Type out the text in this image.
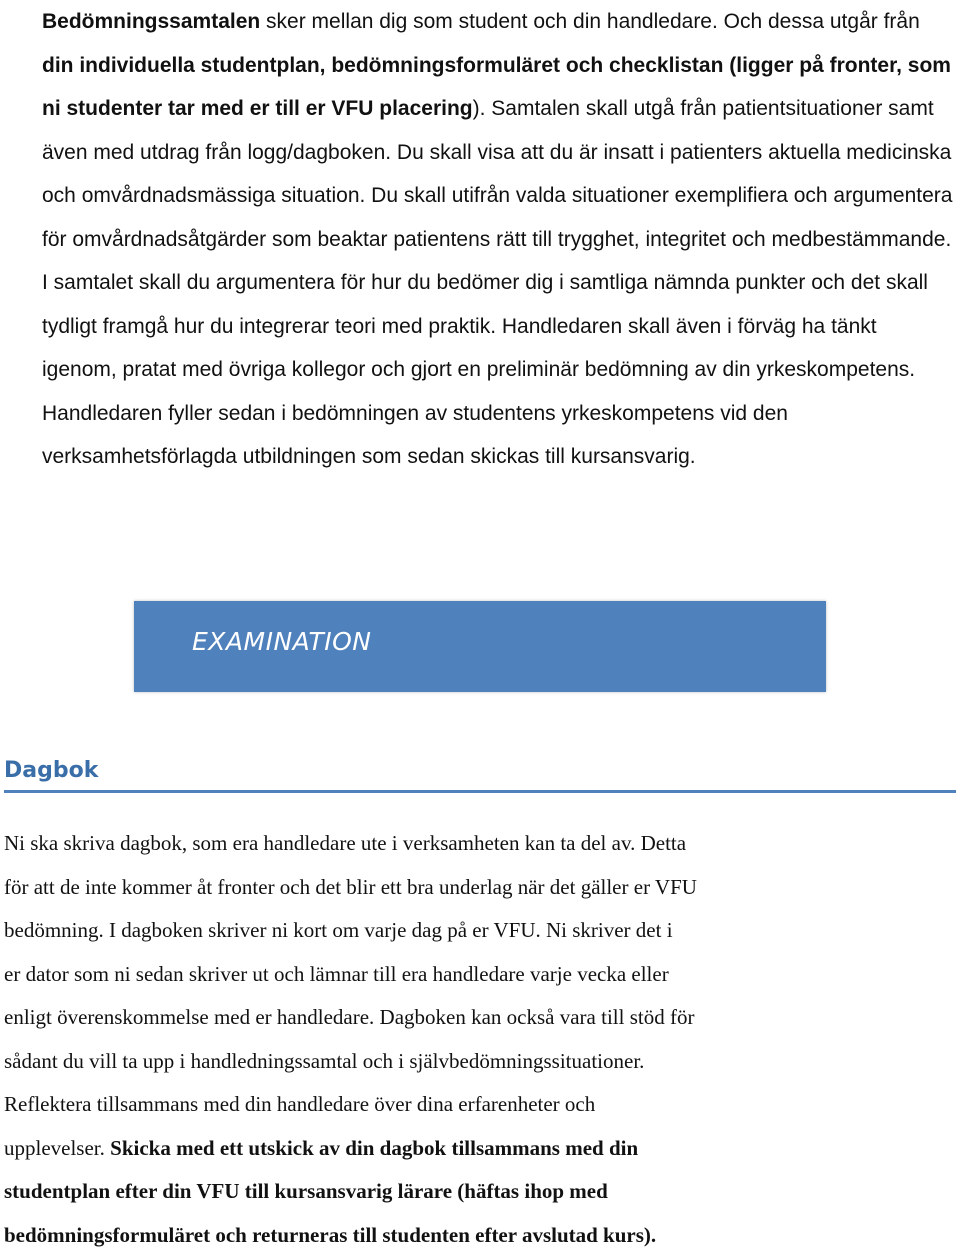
Bedömningssamtalen sker mellan dig som student och din handledare. Och dessa utgår från din individuella studentplan, bedömningsformuläret och checklistan (ligger på fronter, som ni studenter tar med er till er VFU placering). Samtalen skall utgå från patientsituationer samt även med utdrag från logg/dagboken. Du skall visa att du är insatt i patienters aktuella medicinska och omvårdnadsmässiga situation. Du skall utifrån valda situationer exemplifiera och argumentera för omvårdnadsåtgärder som beaktar patientens rätt till trygghet, integritet och medbestämmande. I samtalet skall du argumentera för hur du bedömer dig i samtliga nämnda punkter och det skall tydligt framgå hur du integrerar teori med praktik. Handledaren skall även i förväg ha tänkt igenom, pratat med övriga kollegor och gjort en preliminär bedömning av din yrkeskompetens. Handledaren fyller sedan i bedömningen av studentens yrkeskompetens vid den verksamhetsförlagda utbildningen som sedan skickas till kursansvarig.
EXAMINATION
Dagbok
Ni ska skriva dagbok, som era handledare ute i verksamheten kan ta del av. Detta
för att de inte kommer åt fronter och det blir ett bra underlag när det gäller er VFU
bedömning. I dagboken skriver ni kort om varje dag på er VFU. Ni skriver det i
er dator som ni sedan skriver ut och lämnar till era handledare varje vecka eller
enligt överenskommelse med er handledare. Dagboken kan också vara till stöd för
sådant du vill ta upp i handledningssamtal och i självbedömningssituationer.
Reflektera tillsammans med din handledare över dina erfarenheter och
upplevelser. Skicka med ett utskick av din dagbok tillsammans med din
studentplan efter din VFU till kursansvarig lärare (häftas ihop med
bedömningsformuläret och returneras till studenten efter avslutad kurs).
